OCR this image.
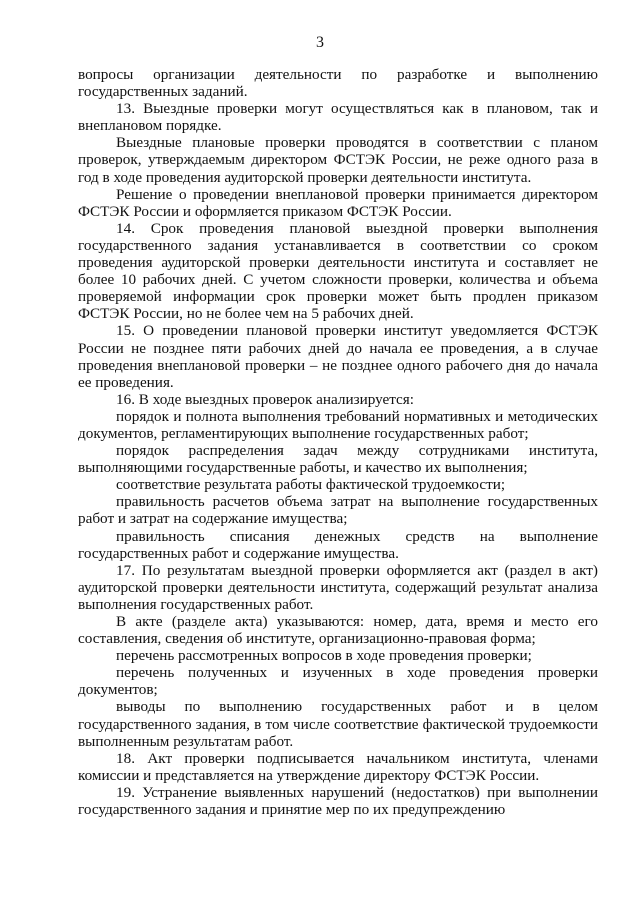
3

вопросы организации деятельности по разработке и выполнению государственных заданий.

13. Выездные проверки могут осуществляться как в плановом, так и внеплановом порядке.

Выездные плановые проверки проводятся в соответствии с планом проверок, утверждаемым директором ФСТЭК России, не реже одного раза в год в ходе проведения аудиторской проверки деятельности института.

Решение о проведении внеплановой проверки принимается директором ФСТЭК России и оформляется приказом ФСТЭК России.

14. Срок проведения плановой выездной проверки выполнения государственного задания устанавливается в соответствии со сроком проведения аудиторской проверки деятельности института и составляет не более 10 рабочих дней. С учетом сложности проверки, количества и объема проверяемой информации срок проверки может быть продлен приказом ФСТЭК России, но не более чем на 5 рабочих дней.

15. О проведении плановой проверки институт уведомляется ФСТЭК России не позднее пяти рабочих дней до начала ее проведения, а в случае проведения внеплановой проверки – не позднее одного рабочего дня до начала ее проведения.

16. В ходе выездных проверок анализируется:

порядок и полнота выполнения требований нормативных и методических документов, регламентирующих выполнение государственных работ;

порядок распределения задач между сотрудниками института, выполняющими государственные работы, и качество их выполнения;

соответствие результата работы фактической трудоемкости;

правильность расчетов объема затрат на выполнение государственных работ и затрат на содержание имущества;

правильность списания денежных средств на выполнение государственных работ и содержание имущества.

17. По результатам выездной проверки оформляется акт (раздел в акт) аудиторской проверки деятельности института, содержащий результат анализа выполнения государственных работ.

В акте (разделе акта) указываются: номер, дата, время и место его составления, сведения об институте, организационно-правовая форма;

перечень рассмотренных вопросов в ходе проведения проверки;

перечень полученных и изученных в ходе проведения проверки документов;

выводы по выполнению государственных работ и в целом государственного задания, в том числе соответствие фактической трудоемкости выполненным результатам работ.

18. Акт проверки подписывается начальником института, членами комиссии и представляется на утверждение директору ФСТЭК России.

19. Устранение выявленных нарушений (недостатков) при выполнении государственного задания и принятие мер по их предупреждению
